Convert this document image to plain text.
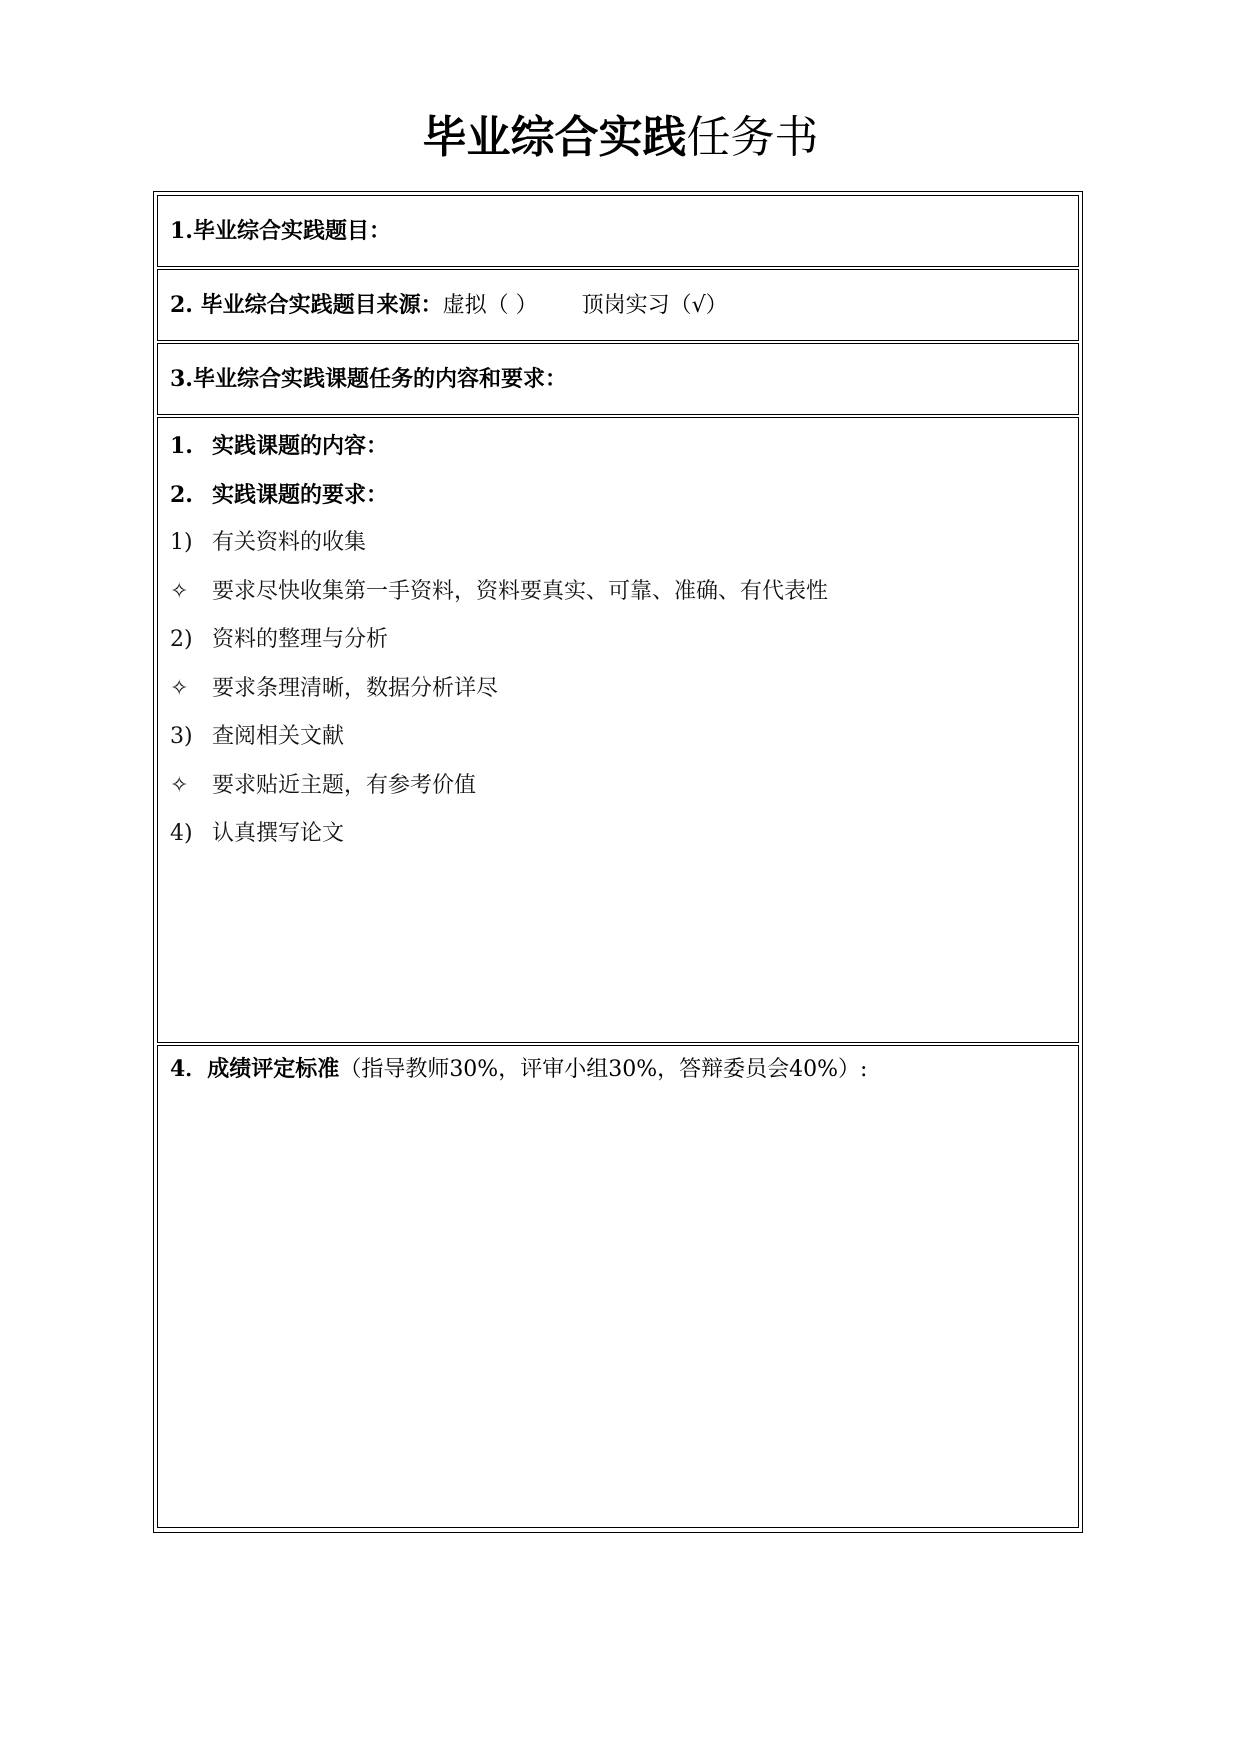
毕业综合实践任务书
1.毕业综合实践题目：
2. 毕业综合实践题目来源：虚拟（ ） 顶岗实习（√）
3.毕业综合实践课题任务的内容和要求：
1. 实践课题的内容：
2. 实践课题的要求：
1) 有关资料的收集
✧	要求尽快收集第一手资料，资料要真实、可靠、准确、有代表性
2) 资料的整理与分析
✧	要求条理清晰，数据分析详尽
3) 查阅相关文献
✧	要求贴近主题，有参考价值
4) 认真撰写论文
4．成绩评定标准（指导教师30%，评审小组30%，答辩委员会40%）:
